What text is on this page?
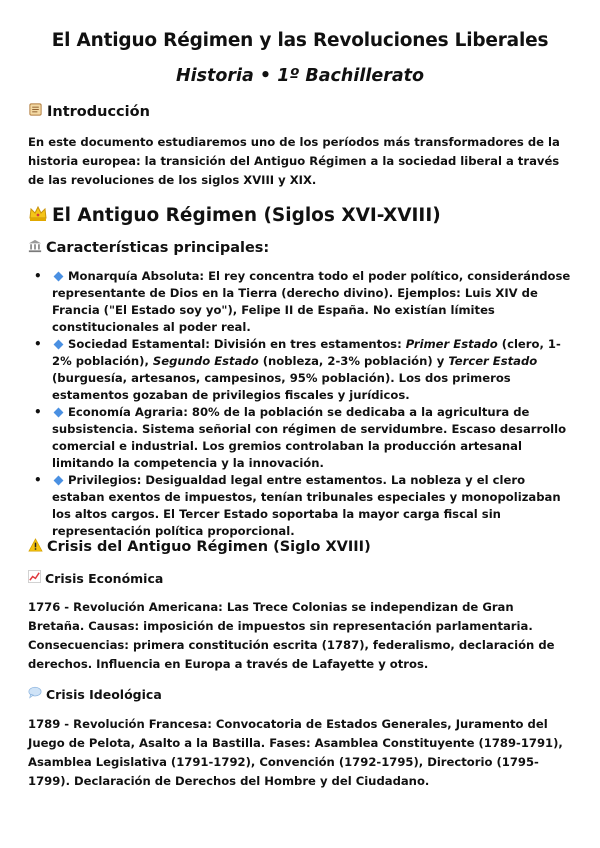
El Antiguo Régimen y las Revoluciones Liberales
Historia • 1º Bachillerato
Introducción
En este documento estudiaremos uno de los períodos más transformadores de la historia europea: la transición del Antiguo Régimen a la sociedad liberal a través de las revoluciones de los siglos XVIII y XIX.
El Antiguo Régimen (Siglos XVI-XVIII)
Características principales:
• Monarquía Absoluta: El rey concentra todo el poder político, considerándose representante de Dios en la Tierra (derecho divino). Ejemplos: Luis XIV de Francia ("El Estado soy yo"), Felipe II de España. No existían límites constitucionales al poder real.
• Sociedad Estamental: División en tres estamentos: Primer Estado (clero, 1-2% población), Segundo Estado (nobleza, 2-3% población) y Tercer Estado (burguesía, artesanos, campesinos, 95% población). Los dos primeros estamentos gozaban de privilegios fiscales y jurídicos.
• Economía Agraria: 80% de la población se dedicaba a la agricultura de subsistencia. Sistema señorial con régimen de servidumbre. Escaso desarrollo comercial e industrial. Los gremios controlaban la producción artesanal limitando la competencia y la innovación.
• Privilegios: Desigualdad legal entre estamentos. La nobleza y el clero estaban exentos de impuestos, tenían tribunales especiales y monopolizaban los altos cargos. El Tercer Estado soportaba la mayor carga fiscal sin representación política proporcional.
Crisis del Antiguo Régimen (Siglo XVIII)
Crisis Económica
1776 - Revolución Americana: Las Trece Colonias se independizan de Gran Bretaña. Causas: imposición de impuestos sin representación parlamentaria. Consecuencias: primera constitución escrita (1787), federalismo, declaración de derechos. Influencia en Europa a través de Lafayette y otros.
Crisis Ideológica
1789 - Revolución Francesa: Convocatoria de Estados Generales, Juramento del Juego de Pelota, Asalto a la Bastilla. Fases: Asamblea Constituyente (1789-1791), Asamblea Legislativa (1791-1792), Convención (1792-1795), Directorio (1795-1799). Declaración de Derechos del Hombre y del Ciudadano.
